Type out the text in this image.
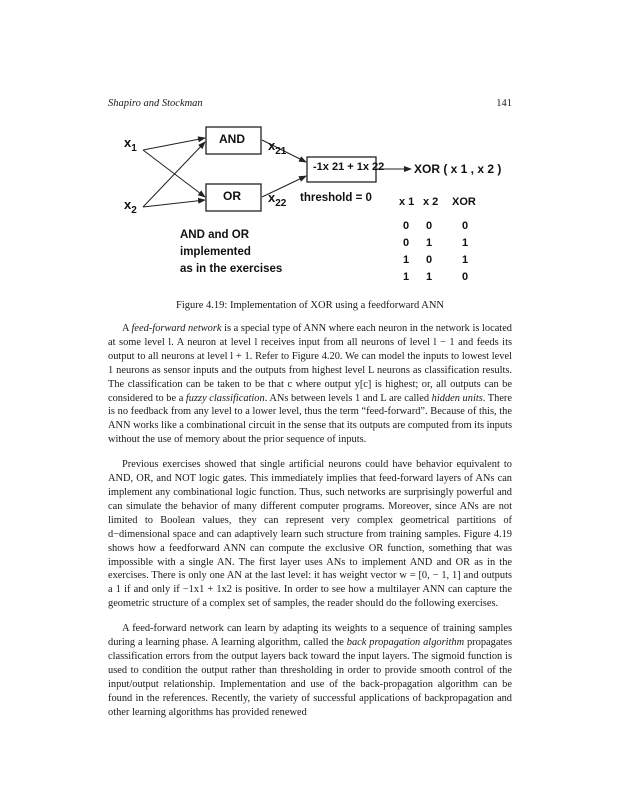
Shapiro and Stockman	141
$x_1$
$x_2$
AND
OR
$x_{21}$
$x_{22}$
-1x 21 + 1x 22
threshold = 0
XOR ( x 1 , x 2 )
AND and OR
implemented
as in the exercises
x 1 x 2 XOR
0 0	0
0 1	1
1 0	1
1 1	0
Figure 4.19: Implementation of XOR using a feedforward ANN

A feed-forward network is a special type of ANN where each neuron in the network is located at some level l. A neuron at level l receives input from all neurons of level l − 1 and feeds its output to all neurons at level l + 1. Refer to Figure 4.20. We can model the inputs to lowest level 1 neurons as sensor inputs and the outputs from highest level L neurons as classification results. The classification can be taken to be that c where output y[c] is highest; or, all outputs can be considered to be a fuzzy classification. ANs between levels 1 and L are called hidden units. There is no feedback from any level to a lower level, thus the term “feed-forward”. Because of this, the ANN works like a combinational circuit in the sense that its outputs are computed from its inputs without the use of memory about the prior sequence of inputs.

Previous exercises showed that single artificial neurons could have behavior equivalent to AND, OR, and NOT logic gates. This immediately implies that feed-forward layers of ANs can implement any combinational logic function. Thus, such networks are surprisingly powerful and can simulate the behavior of many different computer programs. Moreover, since ANs are not limited to Boolean values, they can represent very complex geometrical partitions of d−dimensional space and can adaptively learn such structure from training samples. Figure 4.19 shows how a feedforward ANN can compute the exclusive OR function, something that was impossible with a single AN. The first layer uses ANs to implement AND and OR as in the exercises. There is only one AN at the last level: it has weight vector w = [0, − 1, 1] and outputs a 1 if and only if −1x1 + 1x2 is positive. In order to see how a multilayer ANN can capture the geometric structure of a complex set of samples, the reader should do the following exercises.

A feed-forward network can learn by adapting its weights to a sequence of training samples during a learning phase. A learning algorithm, called the back propagation algorithm propagates classification errors from the output layers back toward the input layers. The sigmoid function is used to condition the output rather than thresholding in order to provide smooth control of the input/output relationship. Implementation and use of the back-propagation algorithm can be found in the references. Recently, the variety of successful applications of backpropagation and other learning algorithms has provided renewed
